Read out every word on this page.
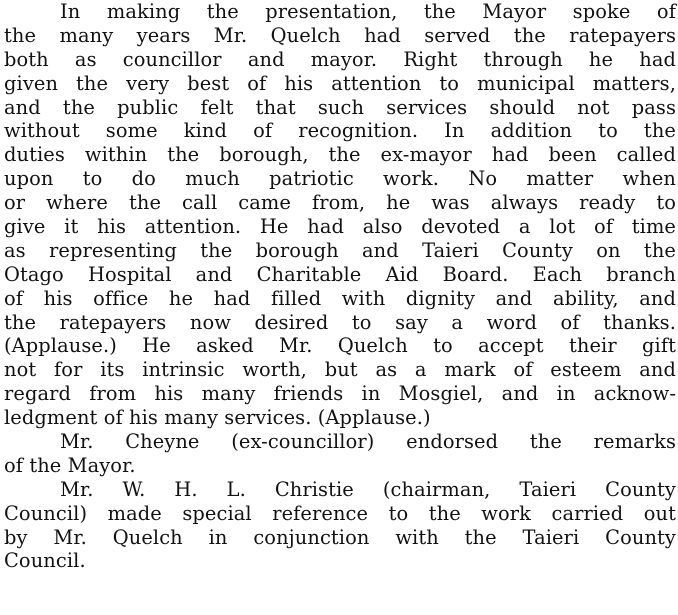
In making the presentation, the Mayor spoke of
the many years Mr. Quelch had served the ratepayers
both as councillor and mayor. Right through he had
given the very best of his attention to municipal matters,
and the public felt that such services should not pass
without some kind of recognition. In addition to the
duties within the borough, the ex-mayor had been called
upon to do much patriotic work. No matter when
or where the call came from, he was always ready to
give it his attention. He had also devoted a lot of time
as representing the borough and Taieri County on the
Otago Hospital and Charitable Aid Board. Each branch
of his office he had filled with dignity and ability, and
the ratepayers now desired to say a word of thanks.
(Applause.) He asked Mr. Quelch to accept their gift
not for its intrinsic worth, but as a mark of esteem and
regard from his many friends in Mosgiel, and in acknow-
ledgment of his many services. (Applause.)
Mr. Cheyne (ex-councillor) endorsed the remarks
of the Mayor.
Mr. W. H. L. Christie (chairman, Taieri County
Council) made special reference to the work carried out
by Mr. Quelch in conjunction with the Taieri County
Council.
